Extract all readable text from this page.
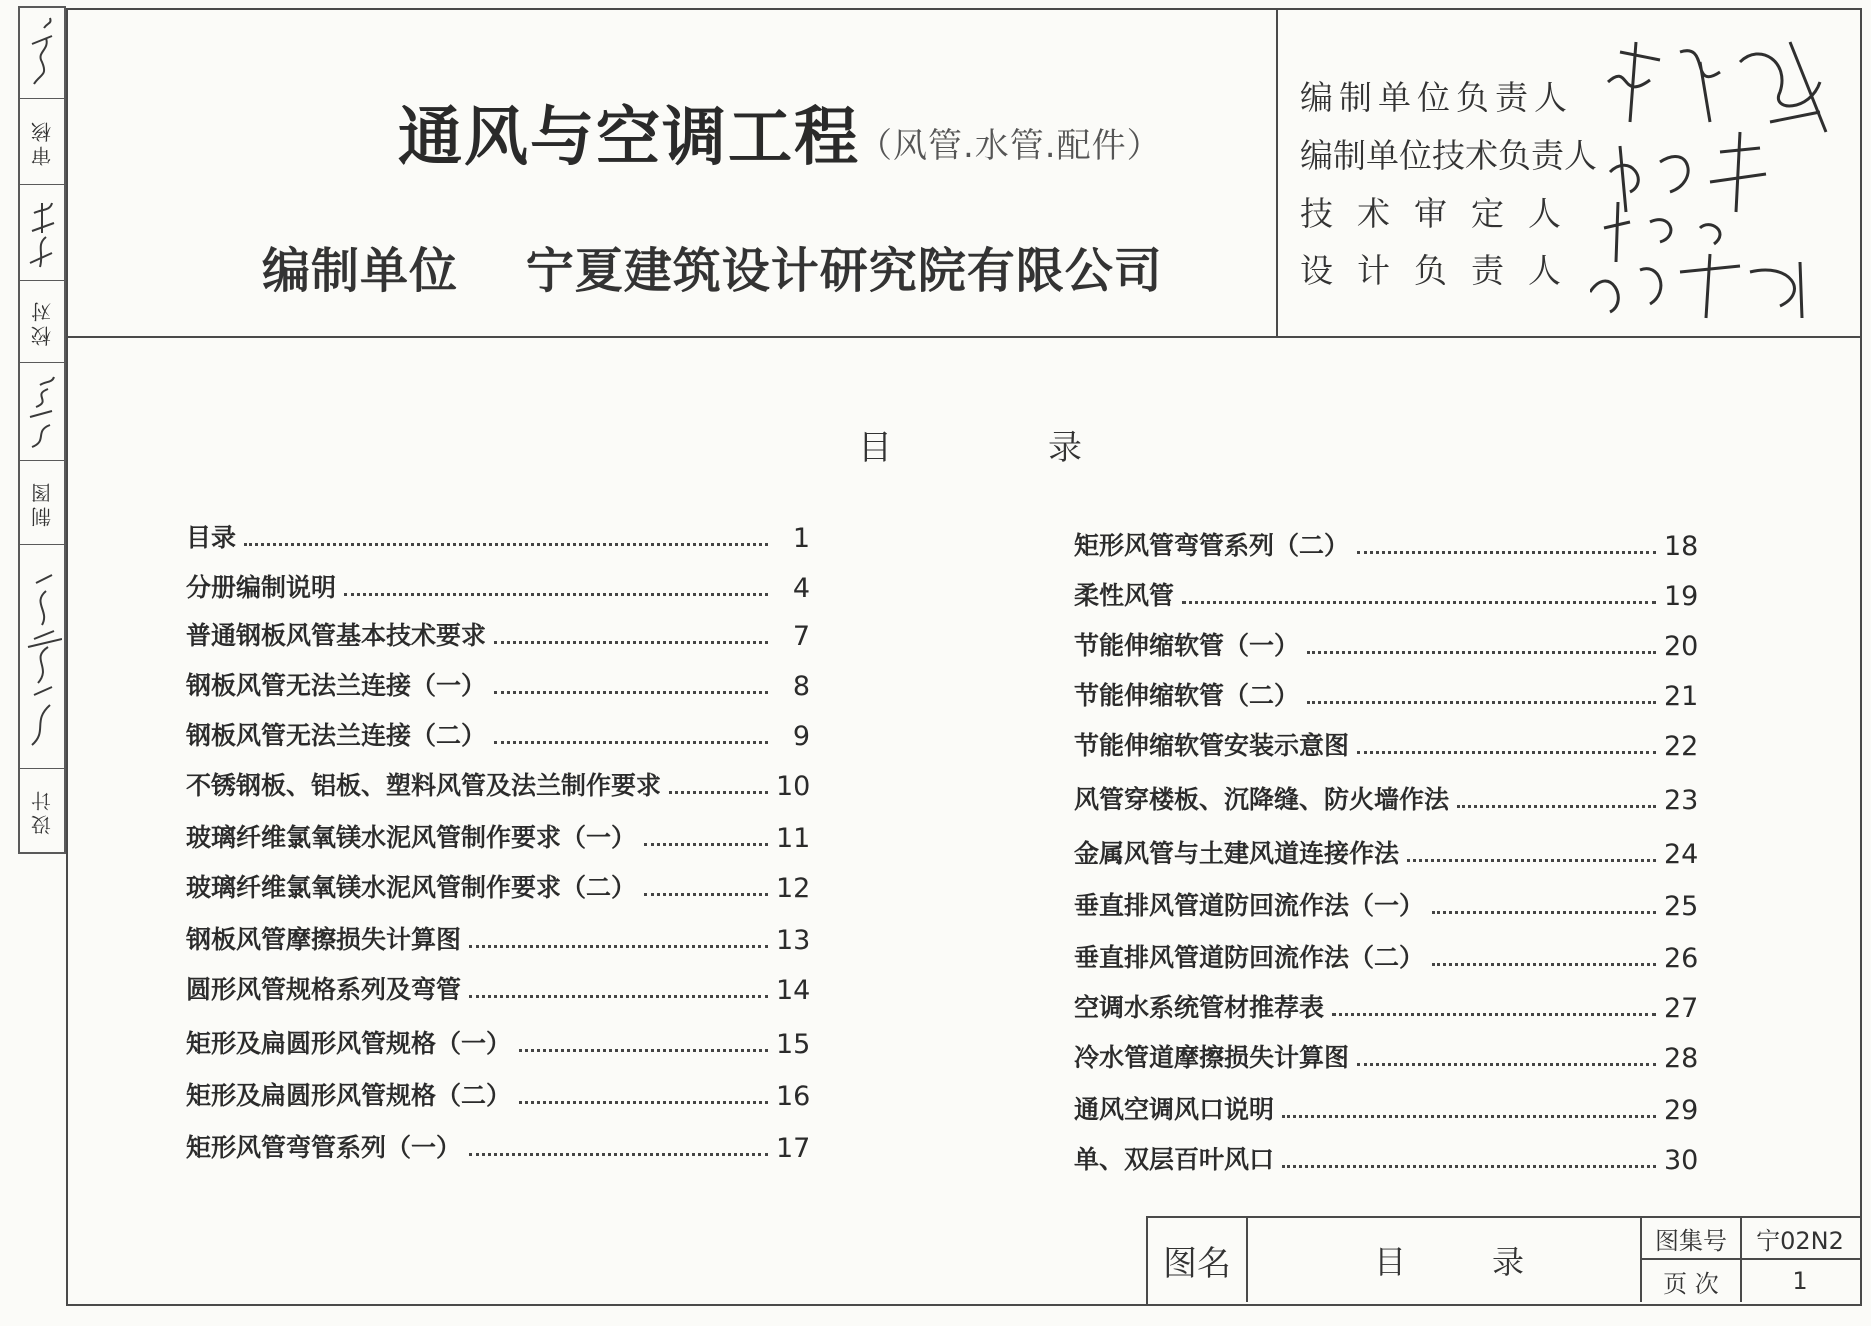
审核
校对
制图
设计
通风与空调工程
（风管.水管.配件）
编制单位 宁夏建筑设计研究院有限公司
编制单位负责人
编制单位技术负责人
技术审定人
设计负责人
目	录
目录	1
分册编制说明	4
普通钢板风管基本技术要求	7
钢板风管无法兰连接（一）	8
钢板风管无法兰连接（二）	9
不锈钢板、铝板、塑料风管及法兰制作要求	10
玻璃纤维氯氧镁水泥风管制作要求（一）	11
玻璃纤维氯氧镁水泥风管制作要求（二）	12
钢板风管摩擦损失计算图	13
圆形风管规格系列及弯管	14
矩形及扁圆形风管规格（一）	15
矩形及扁圆形风管规格（二）	16
矩形风管弯管系列（一）	17
矩形风管弯管系列（二）	18
柔性风管	19
节能伸缩软管（一）	20
节能伸缩软管（二）	21
节能伸缩软管安装示意图	22
风管穿楼板、沉降缝、防火墙作法	23
金属风管与土建风道连接作法	24
垂直排风管道防回流作法（一）	25
垂直排风管道防回流作法（二）	26
空调水系统管材推荐表	27
冷水管道摩擦损失计算图	28
通风空调风口说明	29
单、双层百叶风口	30
图名	目	录
图集号	宁02N2
页 次	1
